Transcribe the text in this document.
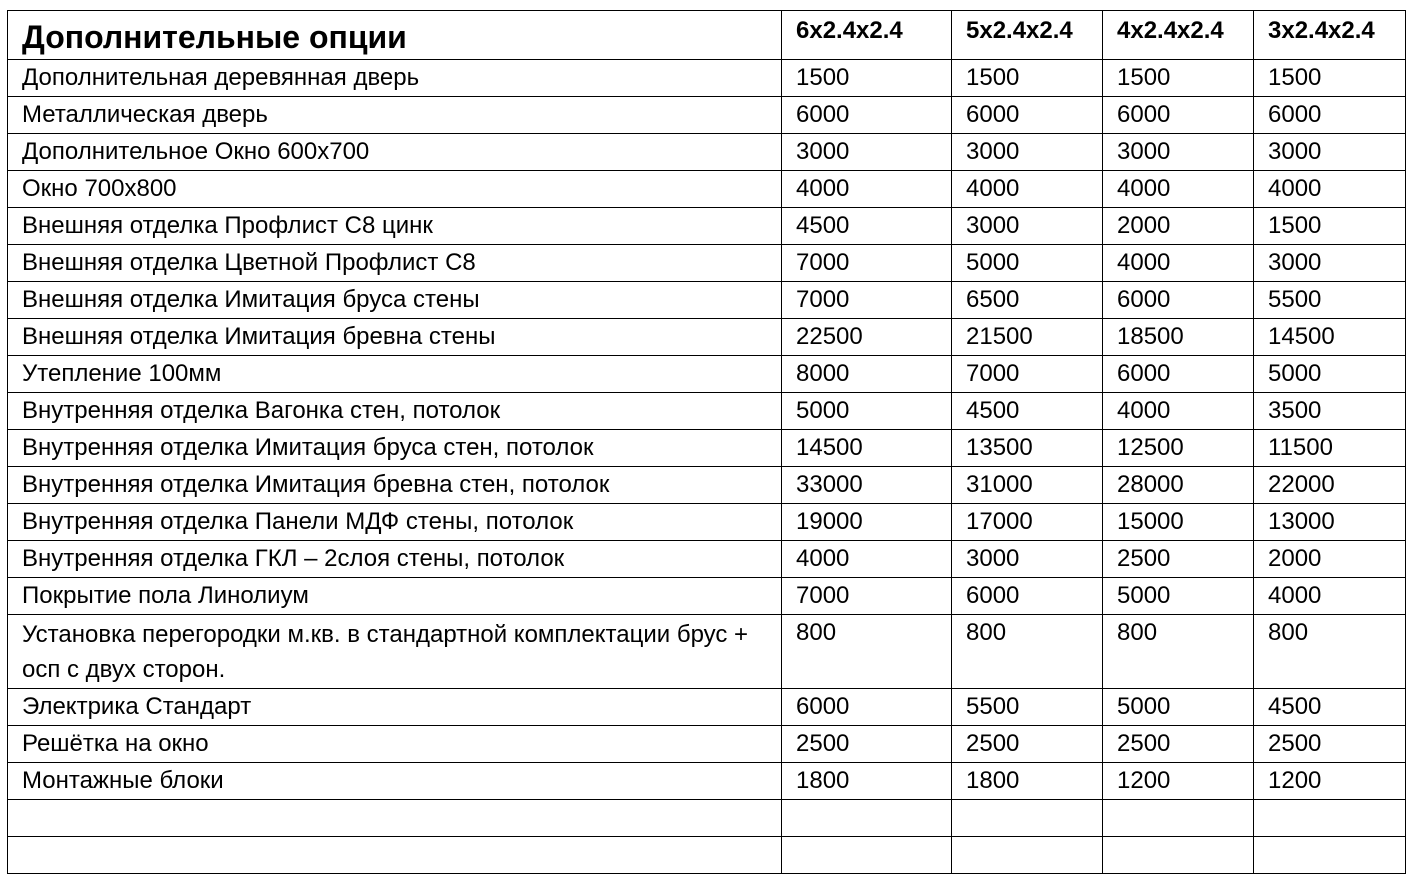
Дополнительные опции	6x2.4x2.4	5x2.4x2.4	4x2.4x2.4	3x2.4x2.4
Дополнительная деревянная дверь	1500	1500	1500	1500
Металлическая дверь	6000	6000	6000	6000
Дополнительное Окно 600х700	3000	3000	3000	3000
Окно 700х800	4000	4000	4000	4000
Внешняя отделка Профлист С8 цинк	4500	3000	2000	1500
Внешняя отделка Цветной Профлист С8	7000	5000	4000	3000
Внешняя отделка Имитация бруса стены	7000	6500	6000	5500
Внешняя отделка Имитация бревна стены	22500	21500	18500	14500
Утепление 100мм	8000	7000	6000	5000
Внутренняя отделка Вагонка стен, потолок	5000	4500	4000	3500
Внутренняя отделка Имитация бруса стен, потолок	14500	13500	12500	11500
Внутренняя отделка Имитация бревна стен, потолок	33000	31000	28000	22000
Внутренняя отделка Панели МДФ стены, потолок	19000	17000	15000	13000
Внутренняя отделка ГКЛ – 2слоя стены, потолок	4000	3000	2500	2000
Покрытие пола Линолиум	7000	6000	5000	4000
Установка перегородки м.кв. в стандартной комплектации брус + осп с двух сторон.	800	800	800	800
Электрика Стандарт	6000	5500	5000	4500
Решётка на окно	2500	2500	2500	2500
Монтажные блоки	1800	1800	1200	1200
